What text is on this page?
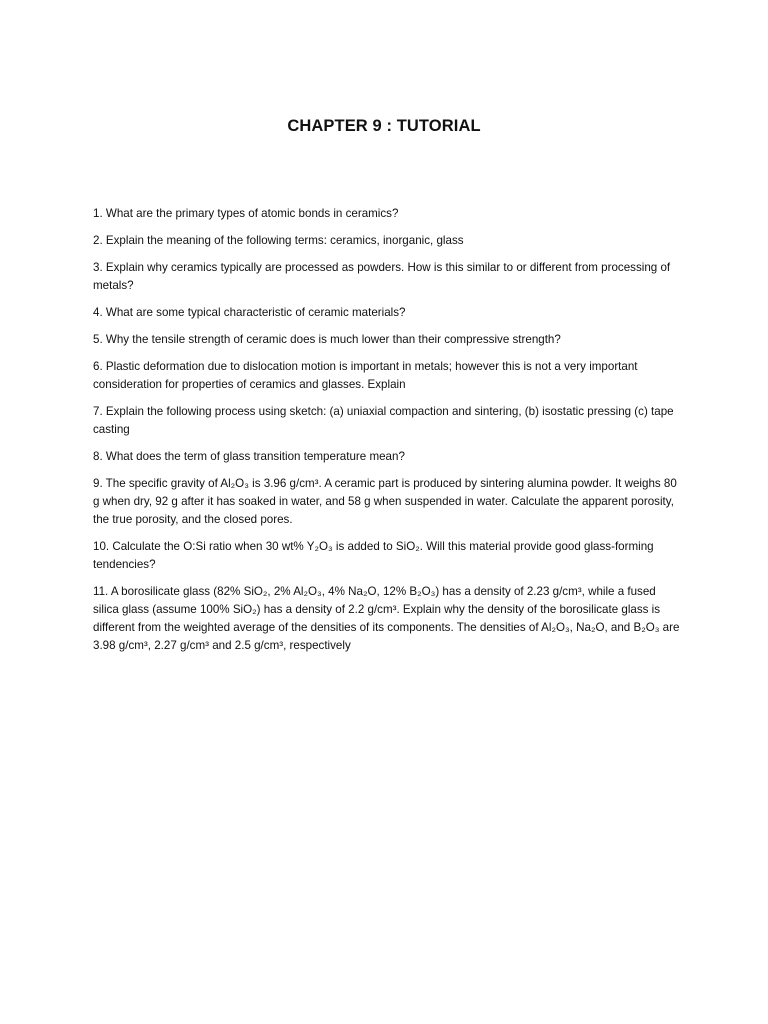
CHAPTER 9 : TUTORIAL

1. What are the primary types of atomic bonds in ceramics?

2. Explain the meaning of the following terms: ceramics, inorganic, glass

3. Explain why ceramics typically are processed as powders. How is this similar to or different from processing of metals?

4. What are some typical characteristic of ceramic materials?

5. Why the tensile strength of ceramic does is much lower than their compressive strength?

6. Plastic deformation due to dislocation motion is important in metals; however this is not a very important consideration for properties of ceramics and glasses. Explain

7. Explain the following process using sketch: (a) uniaxial compaction and sintering, (b) isostatic pressing (c) tape casting

8. What does the term of glass transition temperature mean?

9. The specific gravity of Al₂O₃ is 3.96 g/cm³. A ceramic part is produced by sintering alumina powder. It weighs 80 g when dry, 92 g after it has soaked in water, and 58 g when suspended in water. Calculate the apparent porosity, the true porosity, and the closed pores.

10. Calculate the O:Si ratio when 30 wt% Y₂O₃ is added to SiO₂. Will this material provide good glass-forming tendencies?

11. A borosilicate glass (82% SiO₂, 2% Al₂O₃, 4% Na₂O, 12% B₂O₃) has a density of 2.23 g/cm³, while a fused silica glass (assume 100% SiO₂) has a density of 2.2 g/cm³. Explain why the density of the borosilicate glass is different from the weighted average of the densities of its components. The densities of Al₂O₃, Na₂O, and B₂O₃ are 3.98 g/cm³, 2.27 g/cm³ and 2.5 g/cm³, respectively
